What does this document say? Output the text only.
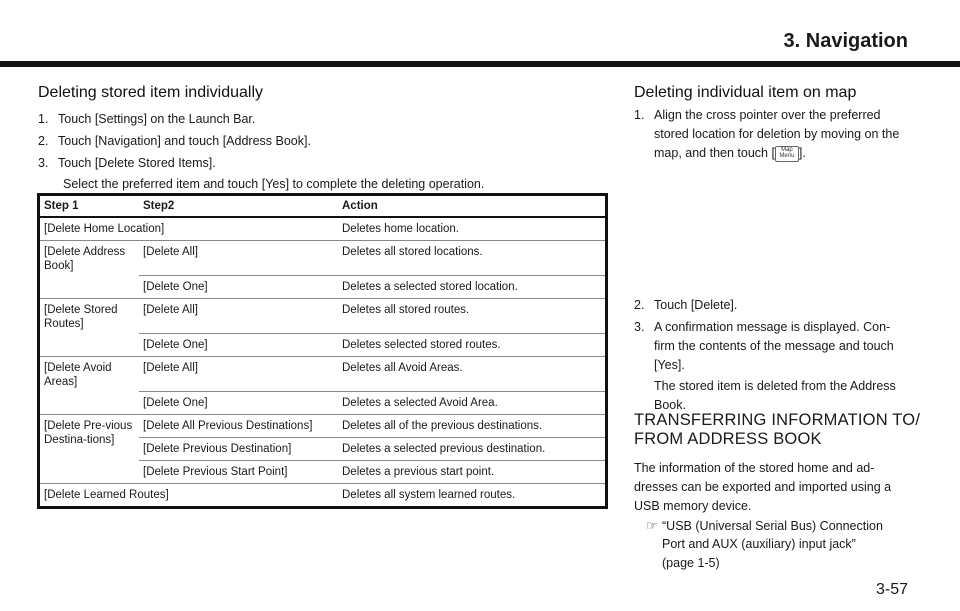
3. Navigation
Deleting stored item individually
1. Touch [Settings] on the Launch Bar.
2. Touch [Navigation] and touch [Address Book].
3. Touch [Delete Stored Items].
Select the preferred item and touch [Yes] to complete the deleting operation.
Step 1	Step2	Action
[Delete Home Location]		Deletes home location.
[Delete Address Book]	[Delete All]	Deletes all stored locations.
	[Delete One]	Deletes a selected stored location.
[Delete Stored Routes]	[Delete All]	Deletes all stored routes.
	[Delete One]	Deletes selected stored routes.
[Delete Avoid Areas]	[Delete All]	Deletes all Avoid Areas.
	[Delete One]	Deletes a selected Avoid Area.
[Delete Pre-vious Destina-tions]	[Delete All Previous Destinations]	Deletes all of the previous destinations.
	[Delete Previous Destination]	Deletes a selected previous destination.
	[Delete Previous Start Point]	Deletes a previous start point.
[Delete Learned Routes]		Deletes all system learned routes.
Deleting individual item on map
1. Align the cross pointer over the preferred
stored location for deletion by moving on the
map, and then touch [ Map Menu ].
2. Touch [Delete].
3. A confirmation message is displayed. Con-
firm the contents of the message and touch
[Yes].
The stored item is deleted from the Address
Book.
TRANSFERRING INFORMATION TO/
FROM ADDRESS BOOK
The information of the stored home and ad-
dresses can be exported and imported using a
USB memory device.
☞ “USB (Universal Serial Bus) Connection
Port and AUX (auxiliary) input jack”
(page 1-5)
3-57
